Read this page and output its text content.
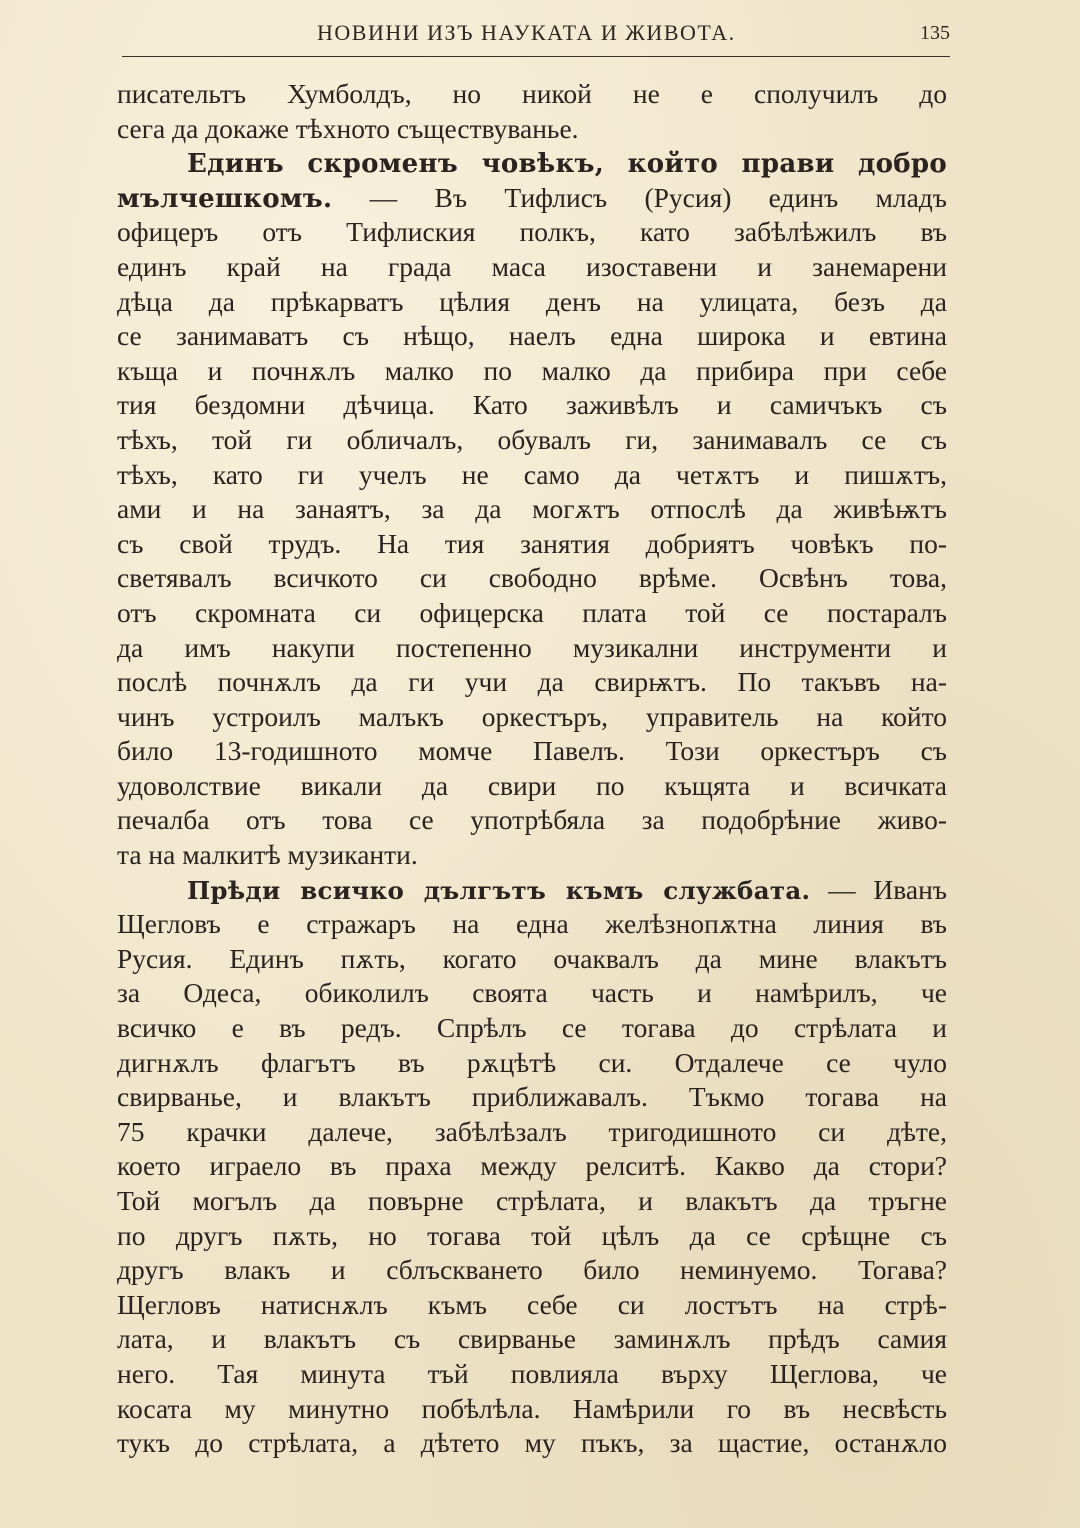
НОВИНИ ИЗЪ НАУКАТА И ЖИВОТА.	135
писательтъ Хумболдъ, но никой не е сполучилъ до
сега да докаже тѣхното съществуванье.
Единъ скроменъ човѣкъ, който прави добро
мълчешкомъ. — Въ Тифлисъ (Русия) единъ младъ
офицеръ отъ Тифлиския полкъ, като забѣлѣжилъ въ
единъ край на града маса изоставени и занемарени
дѣца да прѣкарватъ цѣлия денъ на улицата, безъ да
се занимаватъ съ нѣщо, наелъ една широка и евтина
къща и почнѫлъ малко по малко да прибира при себе
тия бездомни дѣчица. Като заживѣлъ и самичъкъ съ
тѣхъ, той ги обличалъ, обувалъ ги, занимавалъ се съ
тѣхъ, като ги учелъ не само да четѫтъ и пишѫтъ,
ами и на занаятъ, за да могѫтъ отпослѣ да живѣѭтъ
съ свой трудъ. На тия занятия добриятъ човѣкъ по-
светявалъ всичкото си свободно врѣме. Освѣнъ това,
отъ скромната си офицерска плата той се постаралъ
да имъ накупи постепенно музикални инструменти и
послѣ почнѫлъ да ги учи да свирѭтъ. По такъвъ на-
чинъ устроилъ малъкъ оркестъръ, управитель на който
било 13-годишното момче Павелъ. Този оркестъръ съ
удоволствие викали да свири по къщята и всичката
печалба отъ това се употрѣбяла за подобрѣние живо-
та на малкитѣ музиканти.
Прѣди всичко дългътъ къмъ службата. — Иванъ
Щегловъ е стражаръ на една желѣзнопѫтна линия въ
Русия. Единъ пѫть, когато очаквалъ да мине влакътъ
за Одеса, обиколилъ своята часть и намѣрилъ, че
всичко е въ редъ. Спрѣлъ се тогава до стрѣлата и
дигнѫлъ флагътъ въ рѫцѣтѣ си. Отдалече се чуло
свирванье, и влакътъ приближавалъ. Тъкмо тогава на
75 крачки далече, забѣлѣзалъ тригодишното си дѣте,
което играело въ праха между релситѣ. Какво да стори?
Той могълъ да повърне стрѣлата, и влакътъ да тръгне
по другъ пѫть, но тогава той цѣлъ да се срѣщне съ
другъ влакъ и сблъскването било неминуемо. Тогава?
Щегловъ натиснѫлъ къмъ себе си лостътъ на стрѣ-
лата, и влакътъ съ свирванье заминѫлъ прѣдъ самия
него. Тая минута тъй повлияла върху Щеглова, че
косата му минутно побѣлѣла. Намѣрили го въ несвѣсть
тукъ до стрѣлата, а дѣтето му пъкъ, за щастие, останѫло
